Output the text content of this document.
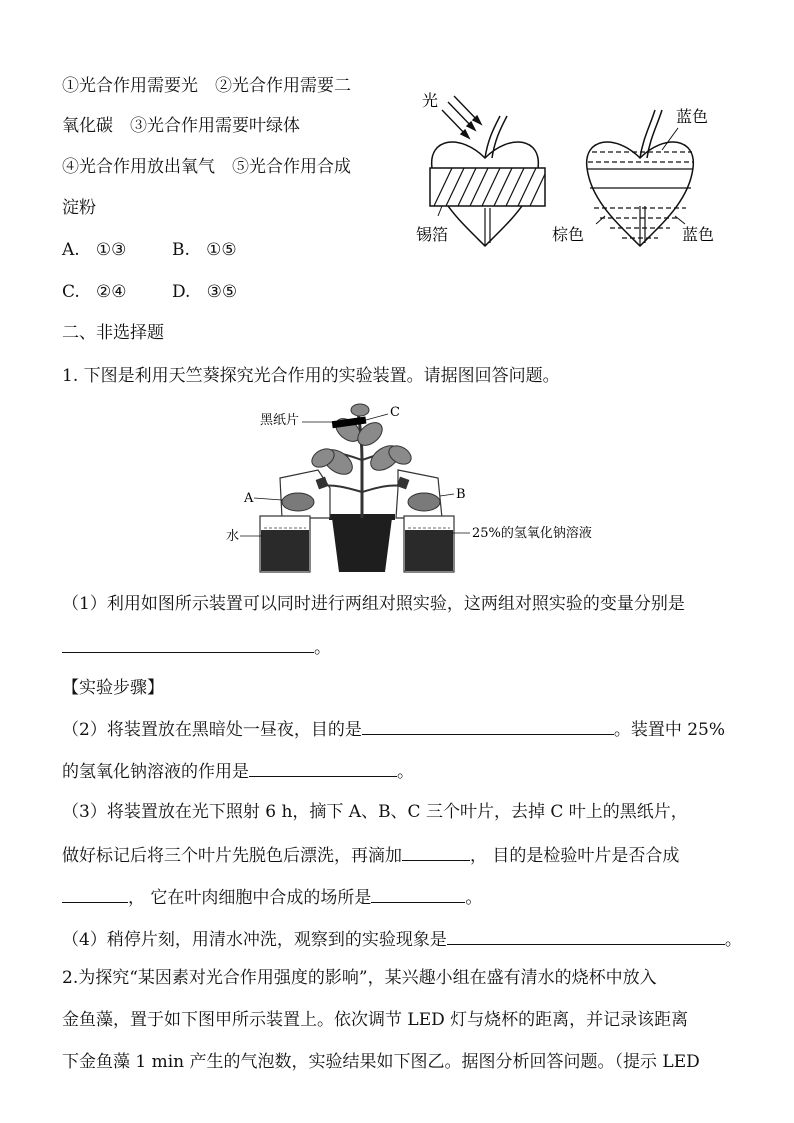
①光合作用需要光　②光合作用需要二
氧化碳　③光合作用需要叶绿体
④光合作用放出氧气　⑤光合作用合成
淀粉
A. ①③	B. ①⑤
C. ②④	D. ③⑤
光
锡箔
蓝色
棕色	蓝色
二、非选择题
1. 下图是利用天竺葵探究光合作用的实验装置。请据图回答问题。
黑纸片
C
A
水
B
25%的氢氧化钠溶液
（1）利用如图所示装置可以同时进行两组对照实验，这两组对照实验的变量分别是
。
【实验步骤】
（2）将装置放在黑暗处一昼夜，目的是	。装置中 25%
的氢氧化钠溶液的作用是	。
（3）将装置放在光下照射 6 h，摘下 A、B、C 三个叶片，去掉 C 叶上的黑纸片，
做好标记后将三个叶片先脱色后漂洗，再滴加	， 目的是检验叶片是否合成
， 它在叶肉细胞中合成的场所是	。
（4）稍停片刻，用清水冲洗，观察到的实验现象是	。
2.为探究“某因素对光合作用强度的影响”，某兴趣小组在盛有清水的烧杯中放入
金鱼藻，置于如下图甲所示装置上。依次调节 LED 灯与烧杯的距离，并记录该距离
下金鱼藻 1 min 产生的气泡数，实验结果如下图乙。据图分析回答问题。（提示 LED
